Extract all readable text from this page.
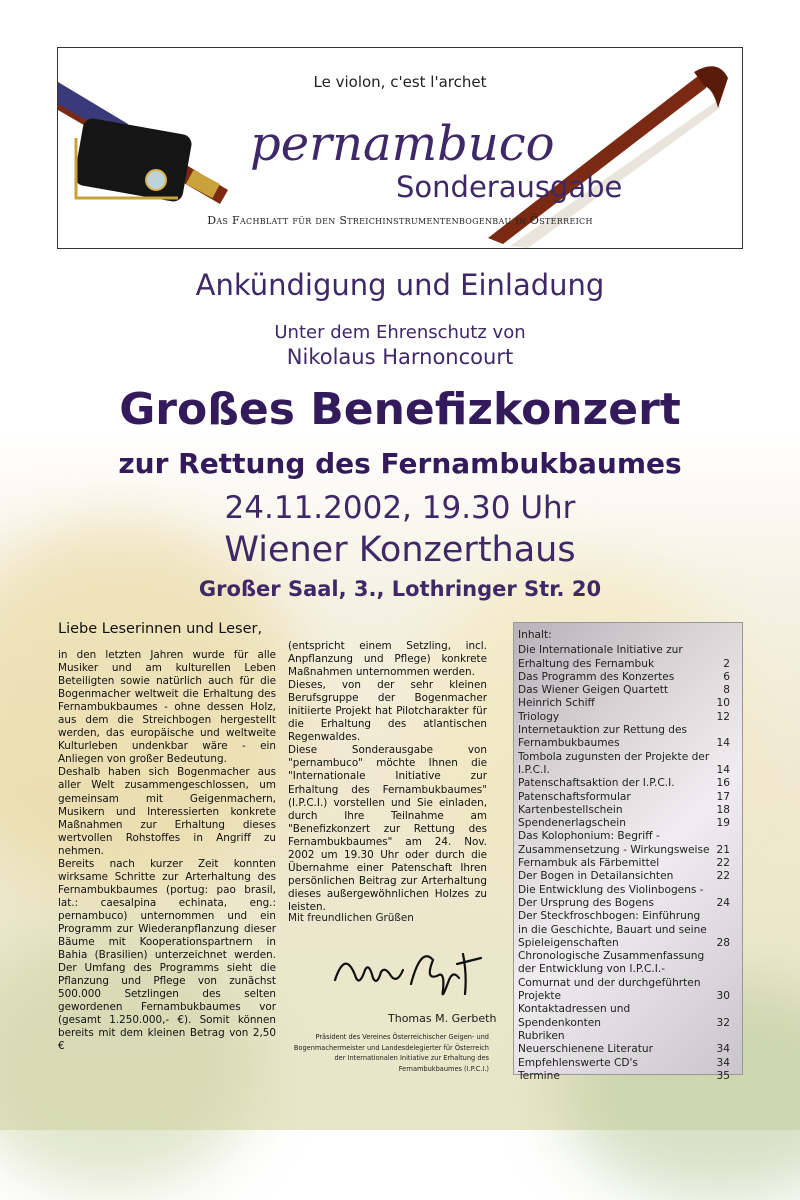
Le violon, c'est l'archet
pernambuco
Sonderausgabe
Das Fachblatt für den Streichinstrumentenbogenbau in Österreich
Ankündigung und Einladung
Unter dem Ehrenschutz von
Nikolaus Harnoncourt
Großes Benefizkonzert
zur Rettung des Fernambukbaumes
24.11.2002, 19.30 Uhr
Wiener Konzerthaus
Großer Saal, 3., Lothringer Str. 20
Liebe Leserinnen und Leser,

in den letzten Jahren wurde für alle Musiker und am kulturellen Leben Beteiligten sowie natürlich auch für die Bogenmacher weltweit die Erhaltung des Fernambukbaumes - ohne dessen Holz, aus dem die Streichbogen hergestellt werden, das europäische und weltweite Kulturleben undenkbar wäre - ein Anliegen von großer Bedeutung.

Deshalb haben sich Bogenmacher aus aller Welt zusammengeschlossen, um gemeinsam mit Geigenmachern, Musikern und Interessierten konkrete Maßnahmen zur Erhaltung dieses wertvollen Rohstoffes in Angriff zu nehmen.

Bereits nach kurzer Zeit konnten wirksame Schritte zur Arterhaltung des Fernambukbaumes (portug: pao brasil, lat.: caesalpina echinata, eng.: pernambuco) unternommen und ein Programm zur Wiederanpflanzung dieser Bäume mit Kooperationspartnern in Bahia (Brasilien) unterzeichnet werden. Der Umfang des Programms sieht die Pflanzung und Pflege von zunächst 500.000 Setzlingen des selten gewordenen Fernambukbaumes vor (gesamt 1.250.000,- €). Somit können bereits mit dem kleinen Betrag von 2,50 €

(entspricht einem Setzling, incl. Anpflanzung und Pflege) konkrete Maßnahmen unternommen werden.

Dieses, von der sehr kleinen Berufsgruppe der Bogenmacher initiierte Projekt hat Pilotcharakter für die Erhaltung des atlantischen Regenwaldes.

Diese Sonderausgabe von "pernambuco" möchte Ihnen die "Internationale Initiative zur Erhaltung des Fernambukbaumes" (I.P.C.I.) vorstellen und Sie einladen, durch Ihre Teilnahme am "Benefizkonzert zur Rettung des Fernambukbaumes" am 24. Nov. 2002 um 19.30 Uhr oder durch die Übernahme einer Patenschaft Ihren persönlichen Beitrag zur Arterhaltung dieses außergewöhnlichen Holzes zu leisten.

Mit freundlichen Grüßen
Thomas M. Gerbeth
Präsident des Vereines Österreichischer Geigen- und Bogenmachermeister und Landesdelegierter für Österreich der Internationalen Initiative zur Erhaltung des Fernambukbaumes (I.P.C.I.)
Inhalt:
Die Internationale Initiative zur Erhaltung des Fernambuk	2
Das Programm des Konzertes	6
Das Wiener Geigen Quartett	8
Heinrich Schiff	10
Triology	12
Internetauktion zur Rettung des Fernambukbaumes	14
Tombola zugunsten der Projekte der I.P.C.I.	14
Patenschaftsaktion der I.P.C.I.	16
Patenschaftsformular	17
Kartenbestellschein	18
Spendenerlagschein	19
Das Kolophonium: Begriff - Zusammensetzung - Wirkungsweise 21
Fernambuk als Färbemittel	22
Der Bogen in Detailansichten	22
Die Entwicklung des Violinbogens - Der Ursprung des Bogens	24
Der Steckfroschbogen: Einführung in die Geschichte, Bauart und seine Spieleigenschaften	28
Chronologische Zusammenfassung der Entwicklung von I.P.C.I.-Comurnat und der durchgeführten Projekte	30
Kontaktadressen und Spendenkonten	32
Rubriken
Neuerschienene Literatur	34
Empfehlenswerte CD's	34
Termine	35
